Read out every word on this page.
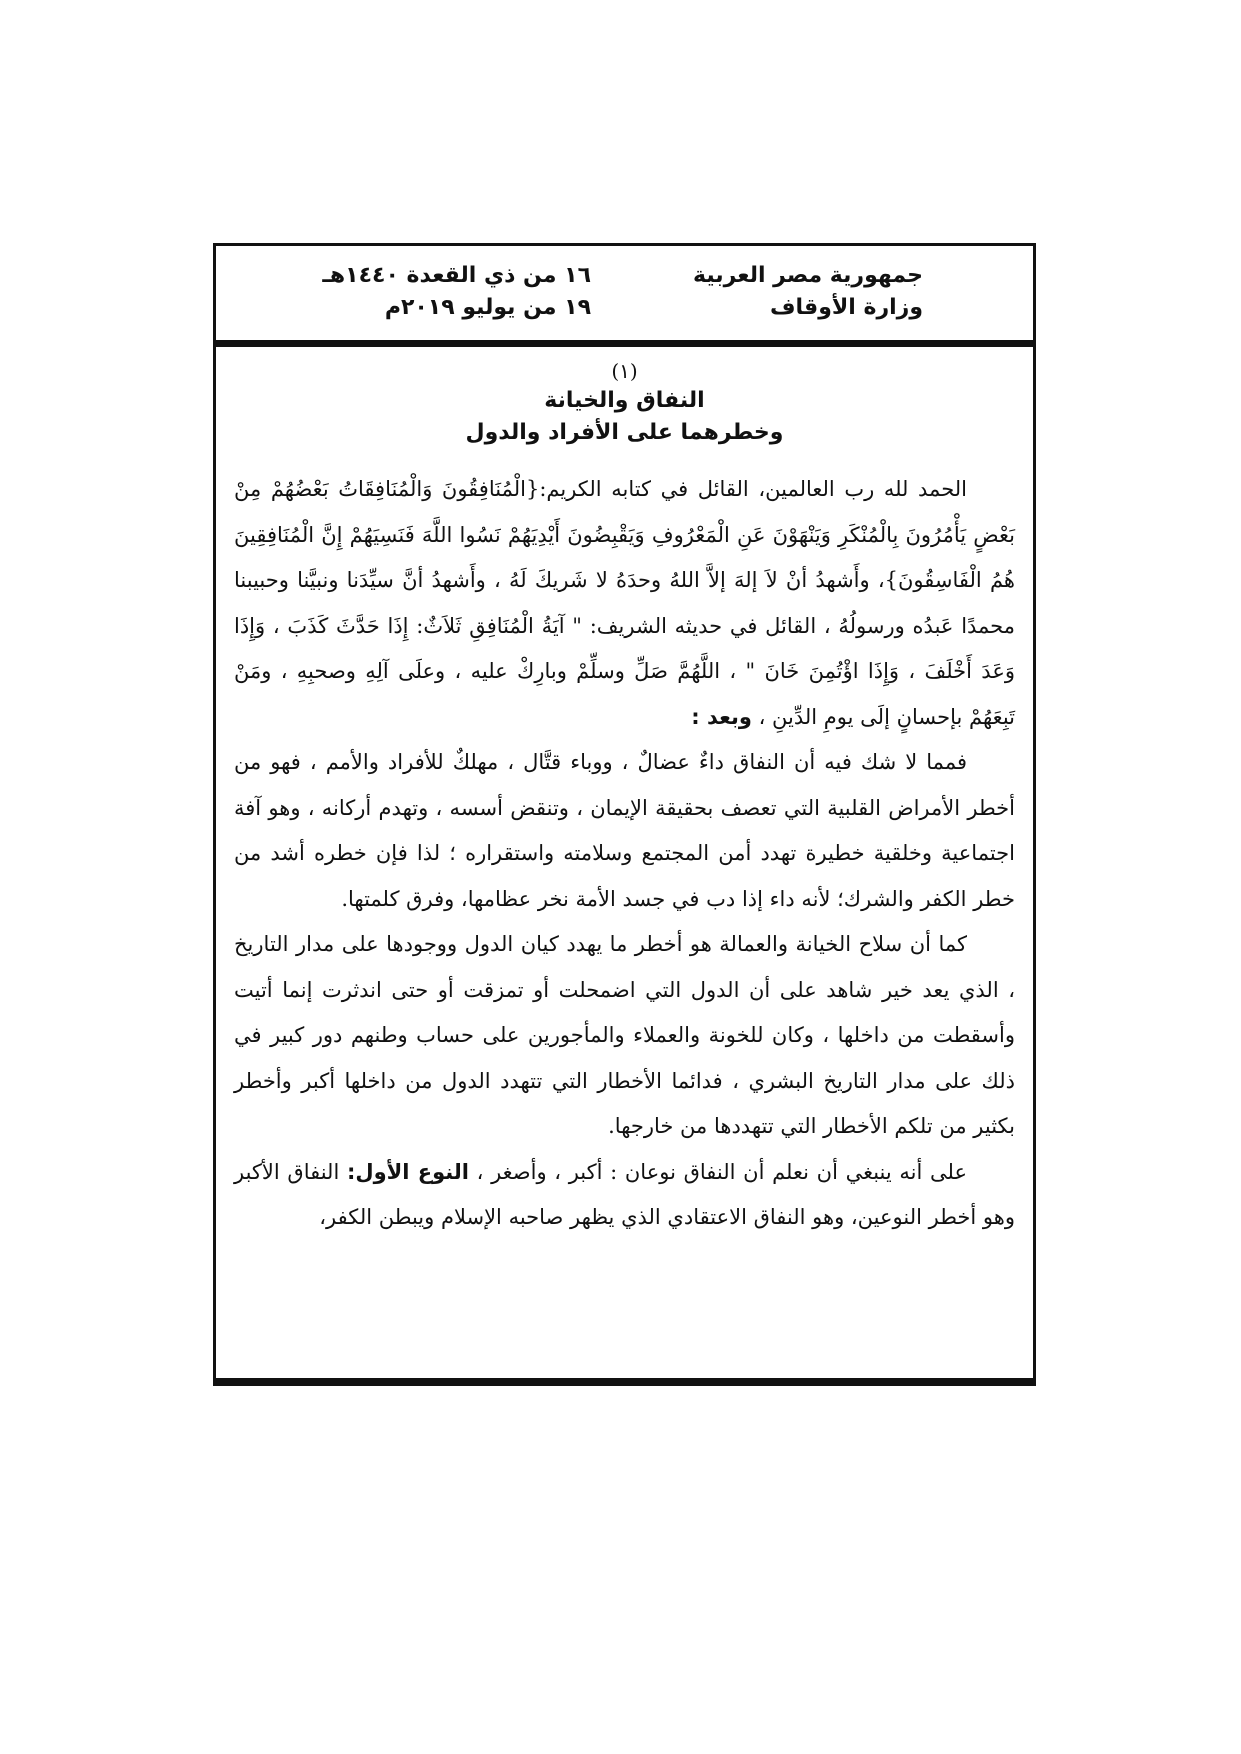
جمهورية مصر العربية
وزارة الأوقاف
١٦ من ذي القعدة ١٤٤٠هـ
١٩ من يوليو ٢٠١٩م
(١)
النفاق والخيانة
وخطرهما على الأفراد والدول

الحمد لله رب العالمين، القائل في كتابه الكريم:{الْمُنَافِقُونَ وَالْمُنَافِقَاتُ بَعْضُهُمْ مِنْ بَعْضٍ يَأْمُرُونَ بِالْمُنْكَرِ وَيَنْهَوْنَ عَنِ الْمَعْرُوفِ وَيَقْبِضُونَ أَيْدِيَهُمْ نَسُوا اللَّهَ فَنَسِيَهُمْ إِنَّ الْمُنَافِقِينَ هُمُ الْفَاسِقُونَ}، وأَشهدُ أنْ لاَ إلهَ إلاَّ اللهُ وحدَهُ لا شَريكَ لَهُ ، وأَشهدُ أنَّ سيِّدَنا ونبيَّنا وحبيبنا محمدًا عَبدُه ورسولُهُ ، القائل في حديثه الشريف: " آيَةُ الْمُنَافِقِ ثَلاَثٌ: إِذَا حَدَّثَ كَذَبَ ، وَإِذَا وَعَدَ أَخْلَفَ ، وَإِذَا اؤْتُمِنَ خَانَ " ، اللَّهُمَّ صَلِّ وسلِّمْ وبارِكْ عليه ، وعلَى آلِهِ وصحبِهِ ، ومَنْ تَبِعَهُمْ بإحسانٍ إلَى يومِ الدِّينِ ، وبعد :

فمما لا شك فيه أن النفاق داءٌ عضالٌ ، ووباء قتَّال ، مهلكٌ للأفراد والأمم ، فهو من أخطر الأمراض القلبية التي تعصف بحقيقة الإيمان ، وتنقض أسسه ، وتهدم أركانه ، وهو آفة اجتماعية وخلقية خطيرة تهدد أمن المجتمع وسلامته واستقراره ؛ لذا فإن خطره أشد من خطر الكفر والشرك؛ لأنه داء إذا دب في جسد الأمة نخر عظامها، وفرق كلمتها.

كما أن سلاح الخيانة والعمالة هو أخطر ما يهدد كيان الدول ووجودها على مدار التاريخ ، الذي يعد خير شاهد على أن الدول التي اضمحلت أو تمزقت أو حتى اندثرت إنما أتيت وأسقطت من داخلها ، وكان للخونة والعملاء والمأجورين على حساب وطنهم دور كبير في ذلك على مدار التاريخ البشري ، فدائما الأخطار التي تتهدد الدول من داخلها أكبر وأخطر بكثير من تلكم الأخطار التي تتهددها من خارجها.

على أنه ينبغي أن نعلم أن النفاق نوعان : أكبر ، وأصغر ، النوع الأول: النفاق الأكبر وهو أخطر النوعين، وهو النفاق الاعتقادي الذي يظهر صاحبه الإسلام ويبطن الكفر،
